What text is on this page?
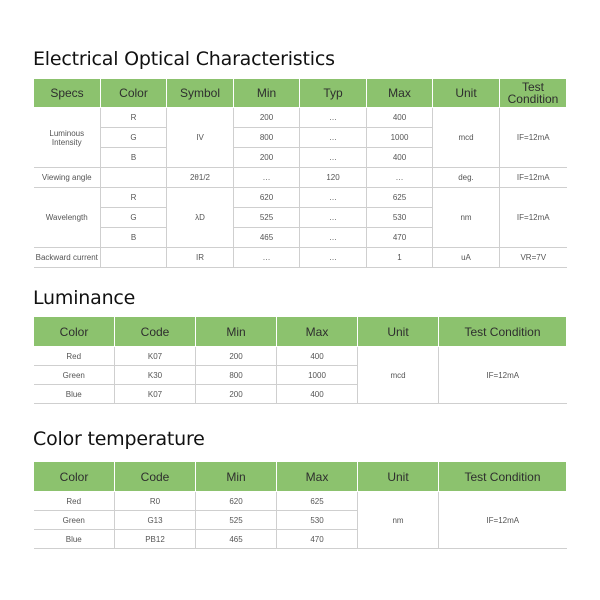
Electrical Optical Characteristics
Specs	Color	Symbol	Min	Typ	Max	Unit	Test Condition
Luminous Intensity	R	IV	200	…	400	mcd	IF=12mA
	G		800	…	1000		
	B		200	…	400		
Viewing angle		2θ1/2	…	120	…	deg.	IF=12mA
Wavelength	R	λD	620	…	625	nm	IF=12mA
	G		525	…	530		
	B		465	…	470		
Backward current		IR	…	…	1	uA	VR=7V
Luminance
Color	Code	Min	Max	Unit	Test Condition
Red	K07	200	400	mcd	IF=12mA
Green	K30	800	1000		
Blue	K07	200	400		
Color temperature
Color	Code	Min	Max	Unit	Test Condition
Red	R0	620	625	nm	IF=12mA
Green	G13	525	530		
Blue	PB12	465	470		
